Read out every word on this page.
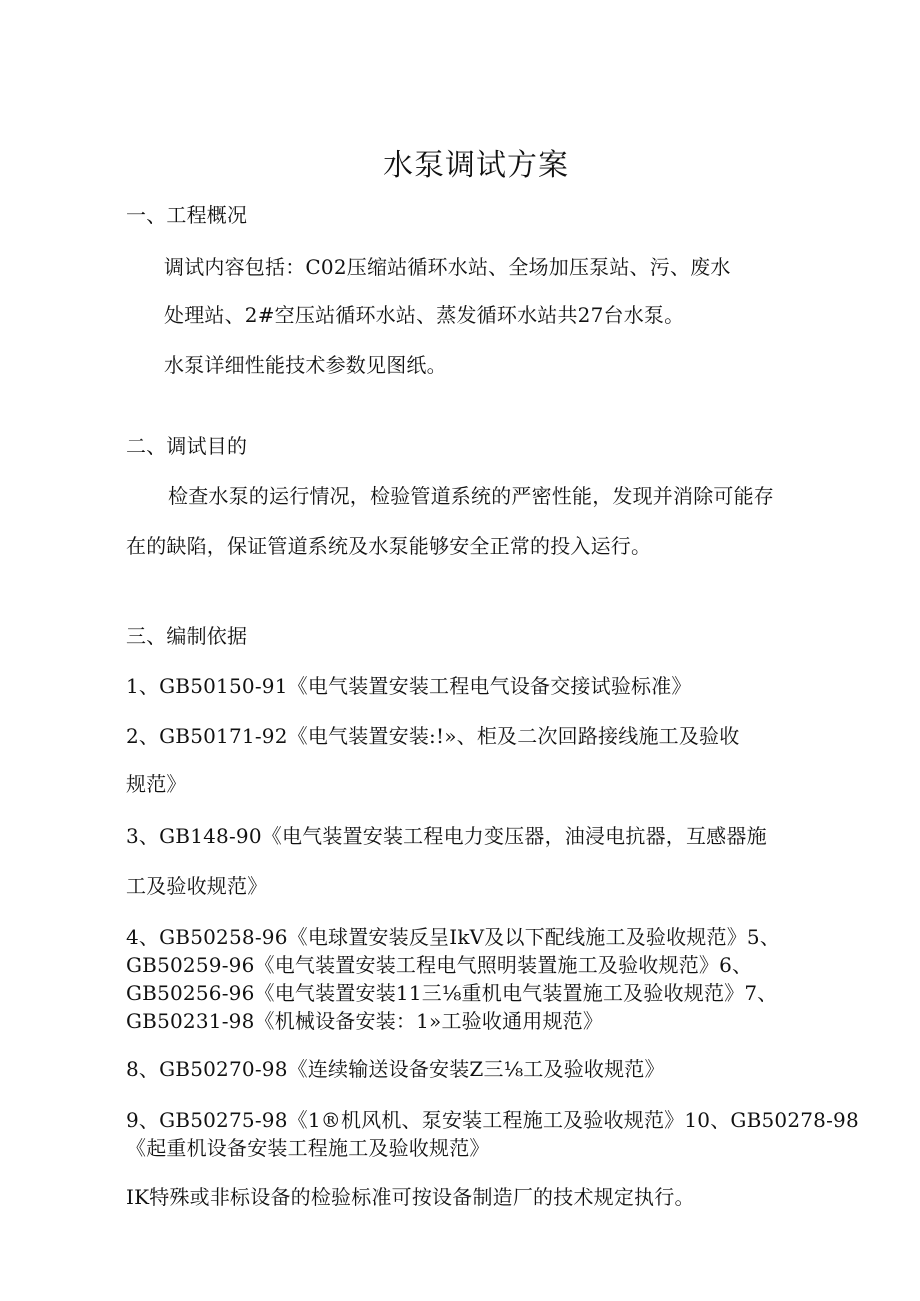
水泵调试方案
一、工程概况
调试内容包括：C02压缩站循环水站、全场加压泵站、污、废水
处理站、2#空压站循环水站、蒸发循环水站共27台水泵。
水泵详细性能技术参数见图纸。
二、调试目的
检查水泵的运行情况，检验管道系统的严密性能，发现并消除可能存
在的缺陷，保证管道系统及水泵能够安全正常的投入运行。
三、编制依据
1、GB50150-91《电气装置安装工程电气设备交接试验标准》
2、GB50171-92《电气装置安装:!»、柜及二次回路接线施工及验收
规范》
3、GB148-90《电气装置安装工程电力变压器，油浸电抗器，互感器施
工及验收规范》
4、GB50258-96《电球置安装反呈IkV及以下配线施工及验收规范》5、
GB50259-96《电气装置安装工程电气照明装置施工及验收规范》6、
GB50256-96《电气装置安装11三⅛重机电气装置施工及验收规范》7、
GB50231-98《机械设备安装：1»工验收通用规范》
8、GB50270-98《连续输送设备安装Z三⅛工及验收规范》
9、GB50275-98《1®机风机、泵安装工程施工及验收规范》10、GB50278-98
《起重机设备安装工程施工及验收规范》
IK特殊或非标设备的检验标准可按设备制造厂的技术规定执行。
